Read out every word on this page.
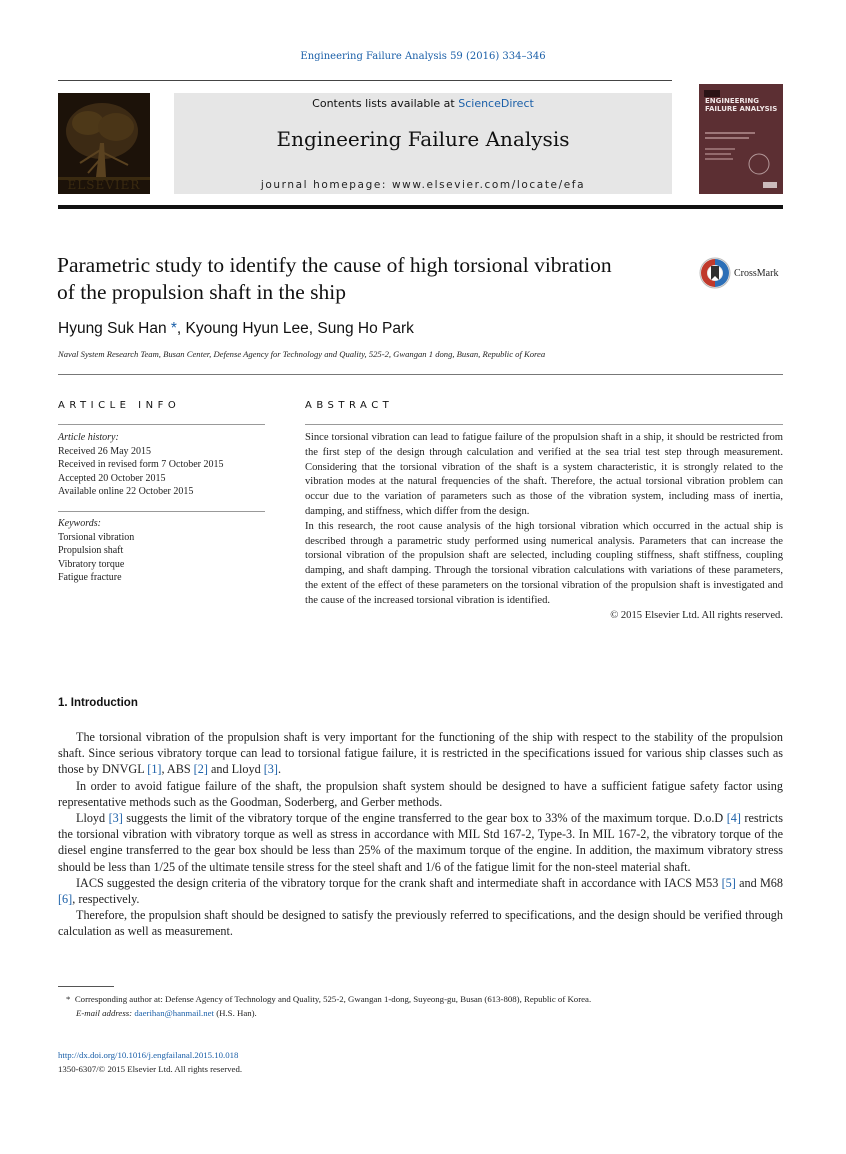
Engineering Failure Analysis 59 (2016) 334–346
ELSEVIER
Contents lists available at ScienceDirect
Engineering Failure Analysis
journal homepage: www.elsevier.com/locate/efa
ENGINEERING FAILURE ANALYSIS
Parametric study to identify the cause of high torsional vibration
of the propulsion shaft in the ship
CrossMark
Hyung Suk Han *, Kyoung Hyun Lee, Sung Ho Park
Naval System Research Team, Busan Center, Defense Agency for Technology and Quality, 525-2, Gwangan 1 dong, Busan, Republic of Korea
ARTICLE INFO
Article history:
Received 26 May 2015
Received in revised form 7 October 2015
Accepted 20 October 2015
Available online 22 October 2015
Keywords:
Torsional vibration
Propulsion shaft
Vibratory torque
Fatigue fracture
ABSTRACT

Since torsional vibration can lead to fatigue failure of the propulsion shaft in a ship, it should be restricted from the first step of the design through calculation and verified at the sea trial test step through measurement. Considering that the torsional vibration of the shaft is a system characteristic, it is strongly related to the vibration modes at the natural frequencies of the shaft. Therefore, the actual torsional vibration problem can occur due to the variation of parameters such as those of the vibration system, including mass of inertia, damping, and stiffness, which differ from the design.

In this research, the root cause analysis of the high torsional vibration which occurred in the actual ship is described through a parametric study performed using numerical analysis. Parameters that can increase the torsional vibration of the propulsion shaft are selected, including coupling stiffness, shaft stiffness, coupling damping, and shaft damping. Through the torsional vibration calculations with variations of these parameters, the extent of the effect of these parameters on the torsional vibration of the propulsion shaft is investigated and the cause of the increased torsional vibration is identified.

© 2015 Elsevier Ltd. All rights reserved.

1. Introduction

The torsional vibration of the propulsion shaft is very important for the functioning of the ship with respect to the stability of the propulsion shaft. Since serious vibratory torque can lead to torsional fatigue failure, it is restricted in the specifications issued for various ship classes such as those by DNVGL [1], ABS [2] and Lloyd [3].

In order to avoid fatigue failure of the shaft, the propulsion shaft system should be designed to have a sufficient fatigue safety factor using representative methods such as the Goodman, Soderberg, and Gerber methods.

Lloyd [3] suggests the limit of the vibratory torque of the engine transferred to the gear box to 33% of the maximum torque. D.o.D [4] restricts the torsional vibration with vibratory torque as well as stress in accordance with MIL Std 167-2, Type-3. In MIL 167-2, the vibratory torque of the diesel engine transferred to the gear box should be less than 25% of the maximum torque of the engine. In addition, the maximum vibratory stress should be less than 1/25 of the ultimate tensile stress for the steel shaft and 1/6 of the fatigue limit for the non-steel material shaft.

IACS suggested the design criteria of the vibratory torque for the crank shaft and intermediate shaft in accordance with IACS M53 [5] and M68 [6], respectively.

Therefore, the propulsion shaft should be designed to satisfy the previously referred to specifications, and the design should be verified through calculation as well as measurement.

* Corresponding author at: Defense Agency of Technology and Quality, 525-2, Gwangan 1-dong, Suyeong-gu, Busan (613-808), Republic of Korea.
E-mail address: daerihan@hanmail.net (H.S. Han).
http://dx.doi.org/10.1016/j.engfailanal.2015.10.018
1350-6307/© 2015 Elsevier Ltd. All rights reserved.
